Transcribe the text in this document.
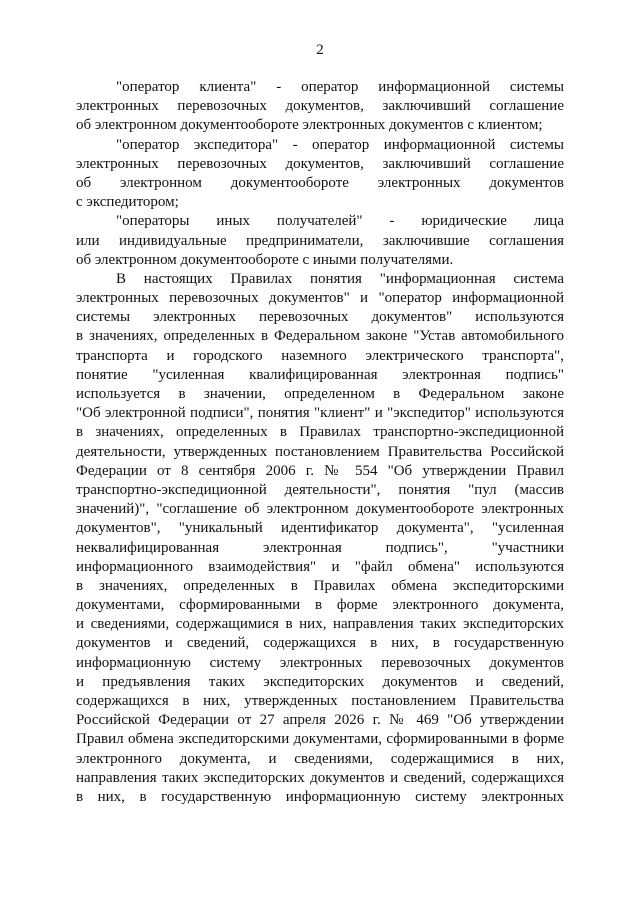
2
"оператор клиента" - оператор информационной системы
электронных перевозочных документов, заключивший соглашение
об электронном документообороте электронных документов с клиентом;
"оператор экспедитора" - оператор информационной системы
электронных перевозочных документов, заключивший соглашение
об электронном документообороте электронных документов
с экспедитором;
"операторы иных получателей" - юридические лица
или индивидуальные предприниматели, заключившие соглашения
об электронном документообороте с иными получателями.
В настоящих Правилах понятия "информационная система
электронных перевозочных документов" и "оператор информационной
системы электронных перевозочных документов" используются
в значениях, определенных в Федеральном законе "Устав автомобильного
транспорта и городского наземного электрического транспорта",
понятие "усиленная квалифицированная электронная подпись"
используется в значении, определенном в Федеральном законе
"Об электронной подписи", понятия "клиент" и "экспедитор" используются
в значениях, определенных в Правилах транспортно-экспедиционной
деятельности, утвержденных постановлением Правительства Российской
Федерации от 8 сентября 2006 г. № 554 "Об утверждении Правил
транспортно-экспедиционной деятельности", понятия "пул (массив
значений)", "соглашение об электронном документообороте электронных
документов", "уникальный идентификатор документа", "усиленная
неквалифицированная электронная подпись", "участники
информационного взаимодействия" и "файл обмена" используются
в значениях, определенных в Правилах обмена экспедиторскими
документами, сформированными в форме электронного документа,
и сведениями, содержащимися в них, направления таких экспедиторских
документов и сведений, содержащихся в них, в государственную
информационную систему электронных перевозочных документов
и предъявления таких экспедиторских документов и сведений,
содержащихся в них, утвержденных постановлением Правительства
Российской Федерации от 27 апреля 2026 г. № 469 "Об утверждении
Правил обмена экспедиторскими документами, сформированными в форме
электронного документа, и сведениями, содержащимися в них,
направления таких экспедиторских документов и сведений, содержащихся
в них, в государственную информационную систему электронных
